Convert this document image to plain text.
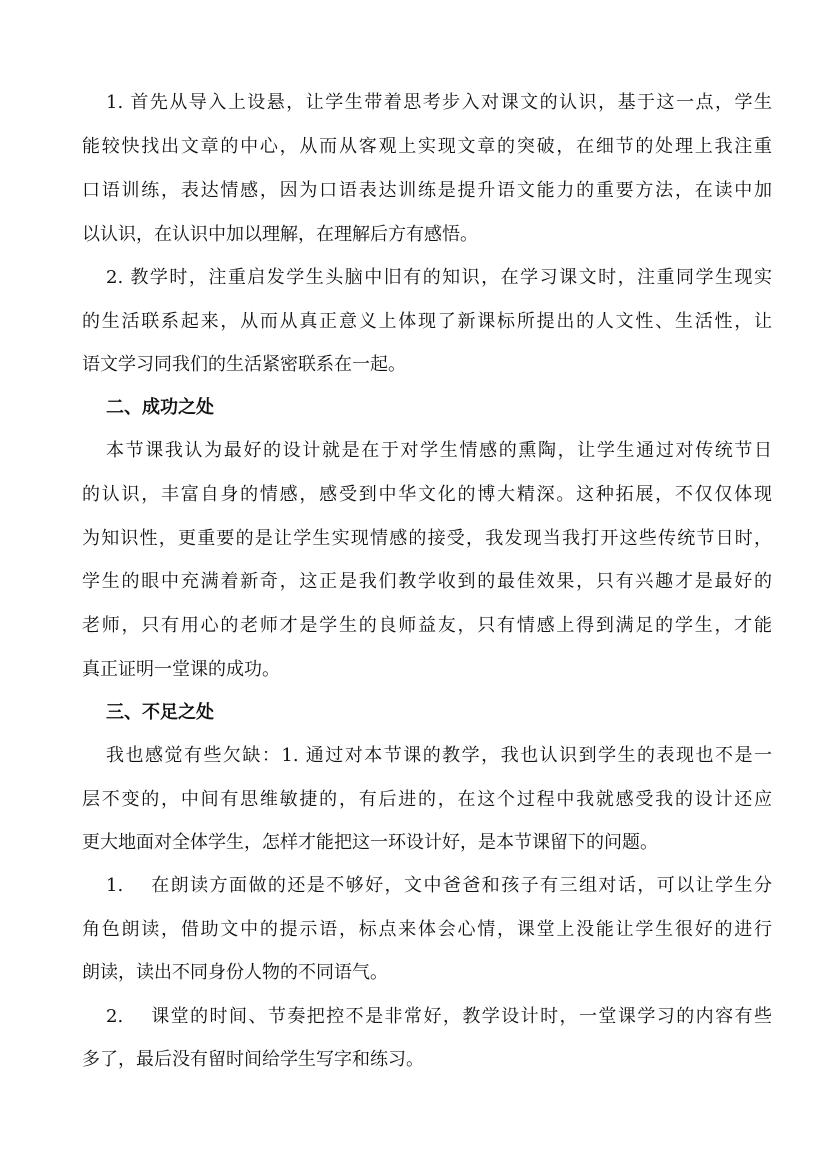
1. 首先从导入上设悬，让学生带着思考步入对课文的认识，基于这一点，学生
能较快找出文章的中心，从而从客观上实现文章的突破，在细节的处理上我注重
口语训练，表达情感，因为口语表达训练是提升语文能力的重要方法，在读中加
以认识，在认识中加以理解，在理解后方有感悟。
2. 教学时，注重启发学生头脑中旧有的知识，在学习课文时，注重同学生现实
的生活联系起来，从而从真正意义上体现了新课标所提出的人文性、生活性，让
语文学习同我们的生活紧密联系在一起。
二、成功之处
本节课我认为最好的设计就是在于对学生情感的熏陶，让学生通过对传统节日
的认识，丰富自身的情感，感受到中华文化的博大精深。这种拓展，不仅仅体现
为知识性，更重要的是让学生实现情感的接受，我发现当我打开这些传统节日时，
学生的眼中充满着新奇，这正是我们教学收到的最佳效果，只有兴趣才是最好的
老师，只有用心的老师才是学生的良师益友，只有情感上得到满足的学生，才能
真正证明一堂课的成功。
三、不足之处
我也感觉有些欠缺：1. 通过对本节课的教学，我也认识到学生的表现也不是一
层不变的，中间有思维敏捷的，有后进的，在这个过程中我就感受我的设计还应
更大地面对全体学生，怎样才能把这一环设计好，是本节课留下的问题。
1.　 在朗读方面做的还是不够好，文中爸爸和孩子有三组对话，可以让学生分
角色朗读，借助文中的提示语，标点来体会心情，课堂上没能让学生很好的进行
朗读，读出不同身份人物的不同语气。
2.　 课堂的时间、节奏把控不是非常好，教学设计时，一堂课学习的内容有些
多了，最后没有留时间给学生写字和练习。
